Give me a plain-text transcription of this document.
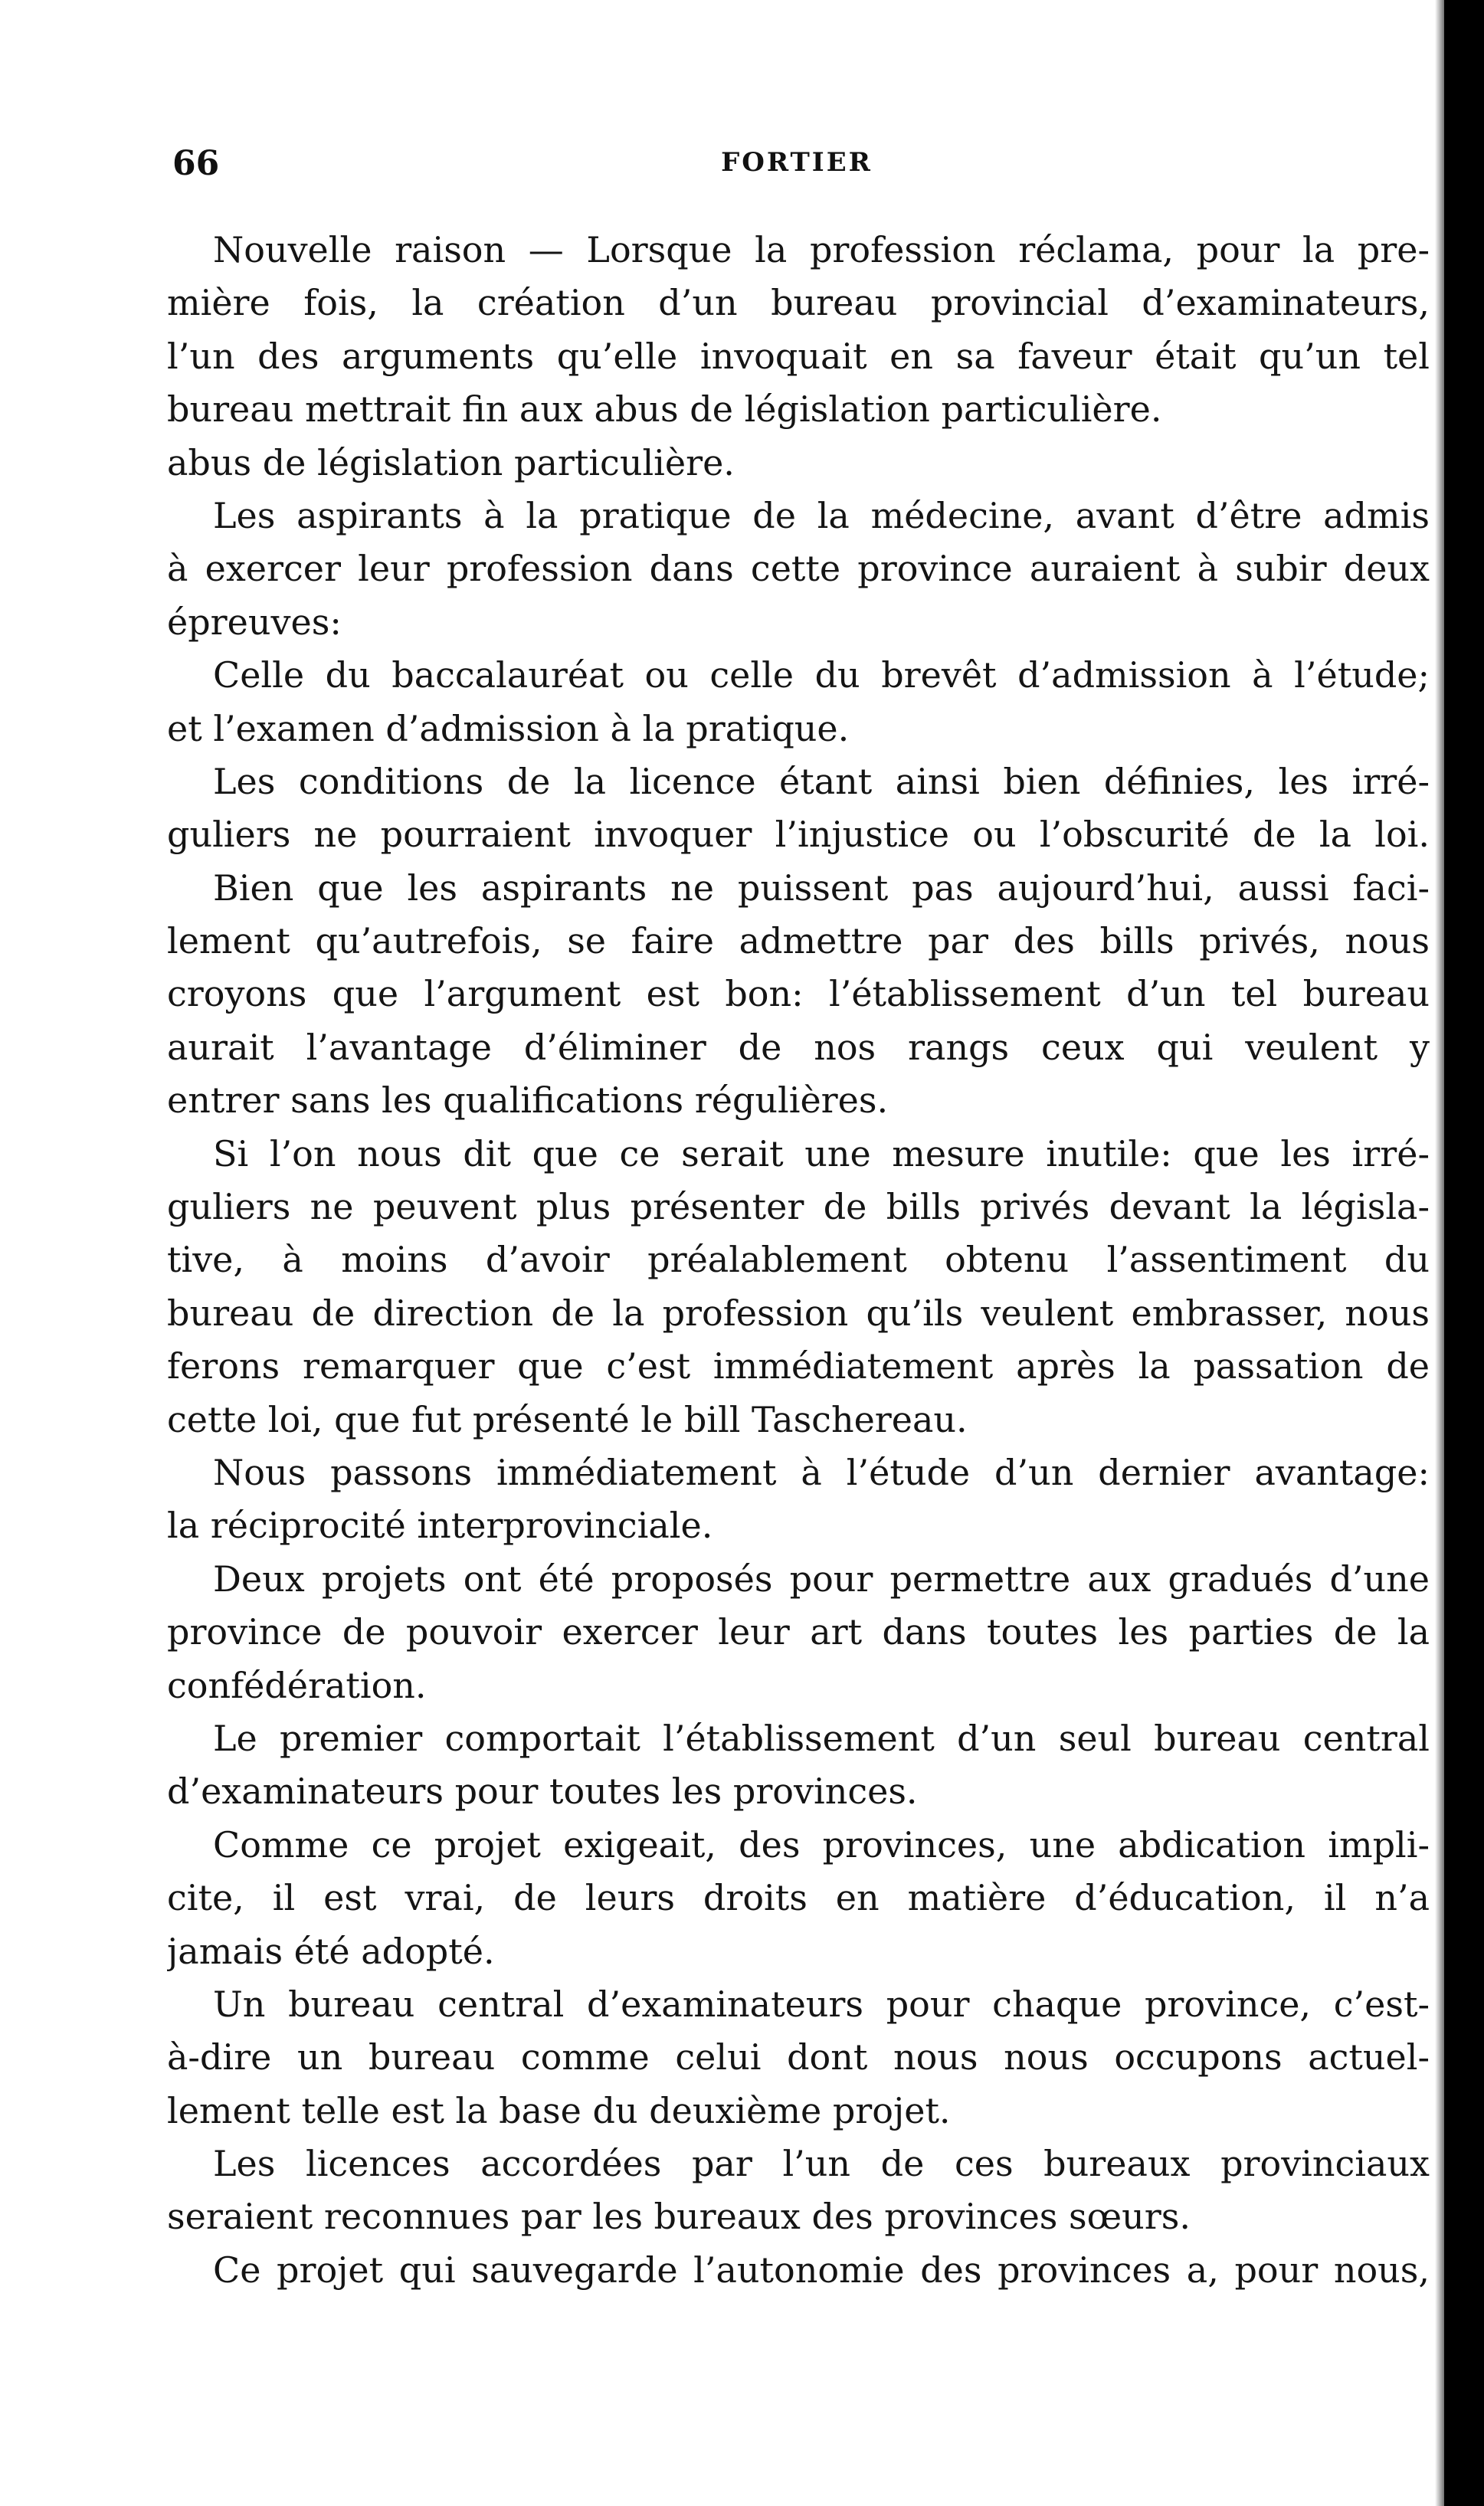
66	FORTIER
Nouvelle raison — Lorsque la profession réclama, pour la pre-
mière fois, la création d’un bureau provincial d’examinateurs,
l’un des arguments qu’elle invoquait en sa faveur était qu’un tel
bureau mettrait fin aux abus de législation particulière.
abus de législation particulière.
Les aspirants à la pratique de la médecine, avant d’être admis
à exercer leur profession dans cette province auraient à subir deux
épreuves:
Celle du baccalauréat ou celle du brevêt d’admission à l’étude;
et l’examen d’admission à la pratique.
Les conditions de la licence étant ainsi bien définies, les irré-
guliers ne pourraient invoquer l’injustice ou l’obscurité de la loi.
Bien que les aspirants ne puissent pas aujourd’hui, aussi faci-
lement qu’autrefois, se faire admettre par des bills privés, nous
croyons que l’argument est bon: l’établissement d’un tel bureau
aurait l’avantage d’éliminer de nos rangs ceux qui veulent y
entrer sans les qualifications régulières.
Si l’on nous dit que ce serait une mesure inutile: que les irré-
guliers ne peuvent plus présenter de bills privés devant la législa-
tive, à moins d’avoir préalablement obtenu l’assentiment du
bureau de direction de la profession qu’ils veulent embrasser, nous
ferons remarquer que c’est immédiatement après la passation de
cette loi, que fut présenté le bill Taschereau.
Nous passons immédiatement à l’étude d’un dernier avantage:
la réciprocité interprovinciale.
Deux projets ont été proposés pour permettre aux gradués d’une
province de pouvoir exercer leur art dans toutes les parties de la
confédération.
Le premier comportait l’établissement d’un seul bureau central
d’examinateurs pour toutes les provinces.
Comme ce projet exigeait, des provinces, une abdication impli-
cite, il est vrai, de leurs droits en matière d’éducation, il n’a
jamais été adopté.
Un bureau central d’examinateurs pour chaque province, c’est-
à-dire un bureau comme celui dont nous nous occupons actuel-
lement telle est la base du deuxième projet.
Les licences accordées par l’un de ces bureaux provinciaux
seraient reconnues par les bureaux des provinces sœurs.
Ce projet qui sauvegarde l’autonomie des provinces a, pour nous,
